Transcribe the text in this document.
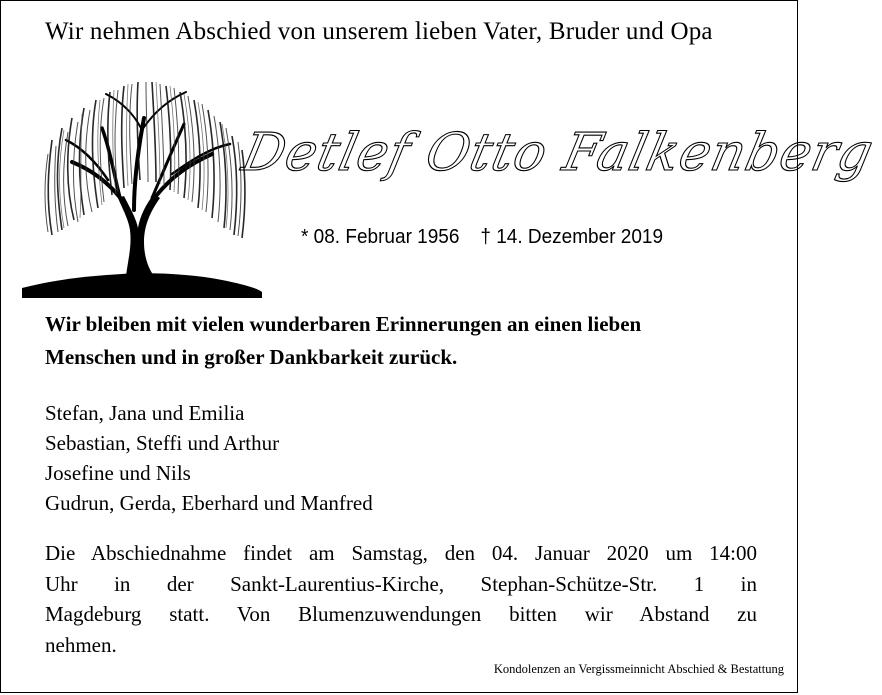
Wir nehmen Abschied von unserem lieben Vater, Bruder und Opa
Detlef Otto Falkenberg
* 08. Februar 1956 † 14. Dezember 2019
Wir bleiben mit vielen wunderbaren Erinnerungen an einen lieben
Menschen und in großer Dankbarkeit zurück.
Stefan, Jana und Emilia
Sebastian, Steffi und Arthur
Josefine und Nils
Gudrun, Gerda, Eberhard und Manfred
Die Abschiednahme findet am Samstag, den 04. Januar 2020 um 14:00
Uhr in der Sankt-Laurentius-Kirche, Stephan-Schütze-Str. 1 in
Magdeburg statt. Von Blumenzuwendungen bitten wir Abstand zu
nehmen.
Kondolenzen an Vergissmeinnicht Abschied & Bestattung
